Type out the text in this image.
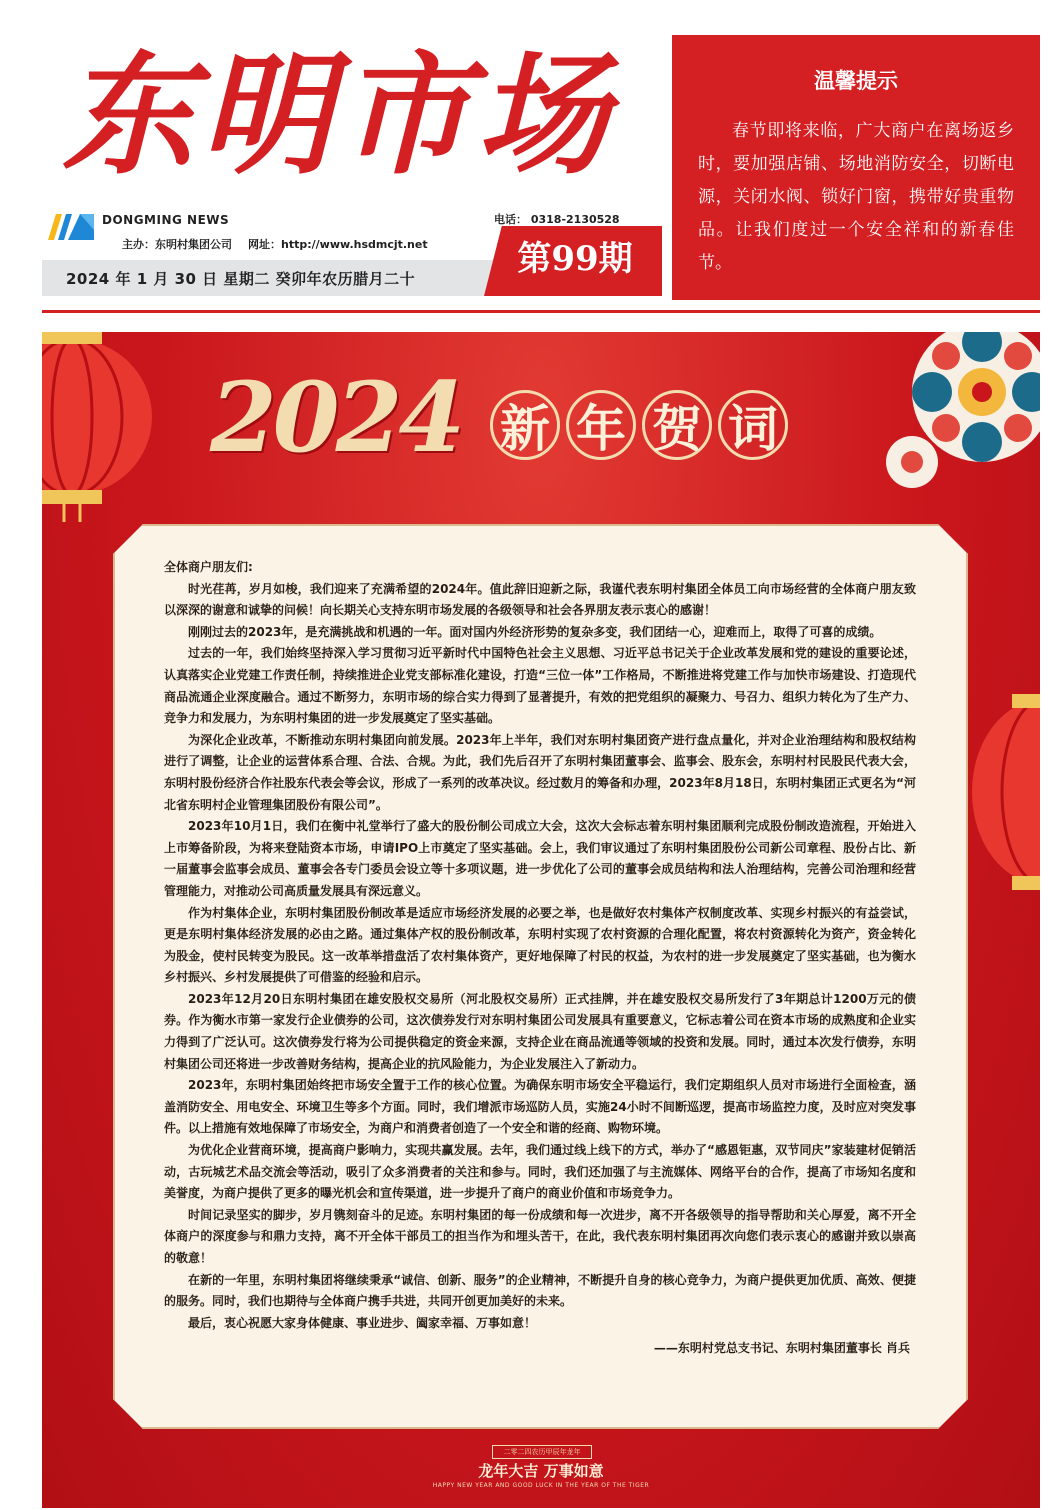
东明市场
DONGMING NEWS	电话： 0318-2130528
主办：东明村集团公司 网址：http://www.hsdmcjt.net
2024 年 1 月 30 日 星期二 癸卯年农历腊月二十	第99期
温馨提示

春节即将来临，广大商户在离场返乡时，要加强店铺、场地消防安全，切断电源，关闭水阀、锁好门窗，携带好贵重物品。让我们度过一个安全祥和的新春佳节。

2024 新 年 贺 词

全体商户朋友们:

时光荏苒，岁月如梭，我们迎来了充满希望的2024年。值此辞旧迎新之际，我谨代表东明村集团全体员工向市场经营的全体商户朋友致以深深的谢意和诚挚的问候！向长期关心支持东明市场发展的各级领导和社会各界朋友表示衷心的感谢！

刚刚过去的2023年，是充满挑战和机遇的一年。面对国内外经济形势的复杂多变，我们团结一心，迎难而上，取得了可喜的成绩。

过去的一年，我们始终坚持深入学习贯彻习近平新时代中国特色社会主义思想、习近平总书记关于企业改革发展和党的建设的重要论述，认真落实企业党建工作责任制，持续推进企业党支部标准化建设，打造“三位一体”工作格局，不断推进将党建工作与加快市场建设、打造现代商品流通企业深度融合。通过不断努力，东明市场的综合实力得到了显著提升，有效的把党组织的凝聚力、号召力、组织力转化为了生产力、竞争力和发展力，为东明村集团的进一步发展奠定了坚实基础。

为深化企业改革，不断推动东明村集团向前发展。2023年上半年，我们对东明村集团资产进行盘点量化，并对企业治理结构和股权结构进行了调整，让企业的运营体系合理、合法、合规。为此，我们先后召开了东明村集团董事会、监事会、股东会，东明村村民股民代表大会，东明村股份经济合作社股东代表会等会议，形成了一系列的改革决议。经过数月的筹备和办理，2023年8月18日，东明村集团正式更名为“河北省东明村企业管理集团股份有限公司”。

2023年10月1日，我们在衡中礼堂举行了盛大的股份制公司成立大会，这次大会标志着东明村集团顺利完成股份制改造流程，开始进入上市筹备阶段，为将来登陆资本市场，申请IPO上市奠定了坚实基础。会上，我们审议通过了东明村集团股份公司新公司章程、股份占比、新一届董事会监事会成员、董事会各专门委员会设立等十多项议题，进一步优化了公司的董事会成员结构和法人治理结构，完善公司治理和经营管理能力，对推动公司高质量发展具有深远意义。

作为村集体企业，东明村集团股份制改革是适应市场经济发展的必要之举，也是做好农村集体产权制度改革、实现乡村振兴的有益尝试，更是东明村集体经济发展的必由之路。通过集体产权的股份制改革，东明村实现了农村资源的合理化配置，将农村资源转化为资产，资金转化为股金，使村民转变为股民。这一改革举措盘活了农村集体资产，更好地保障了村民的权益，为农村的进一步发展奠定了坚实基础，也为衡水乡村振兴、乡村发展提供了可借鉴的经验和启示。

2023年12月20日东明村集团在雄安股权交易所（河北股权交易所）正式挂牌，并在雄安股权交易所发行了3年期总计1200万元的债券。作为衡水市第一家发行企业债券的公司，这次债券发行对东明村集团公司发展具有重要意义，它标志着公司在资本市场的成熟度和企业实力得到了广泛认可。这次债券发行将为公司提供稳定的资金来源，支持企业在商品流通等领域的投资和发展。同时，通过本次发行债券，东明村集团公司还将进一步改善财务结构，提高企业的抗风险能力，为企业发展注入了新动力。

2023年，东明村集团始终把市场安全置于工作的核心位置。为确保东明市场安全平稳运行，我们定期组织人员对市场进行全面检查，涵盖消防安全、用电安全、环境卫生等多个方面。同时，我们增派市场巡防人员，实施24小时不间断巡逻，提高市场监控力度，及时应对突发事件。以上措施有效地保障了市场安全，为商户和消费者创造了一个安全和谐的经商、购物环境。

为优化企业营商环境，提高商户影响力，实现共赢发展。去年，我们通过线上线下的方式，举办了“感恩钜惠，双节同庆”家装建材促销活动，古玩城艺术品交流会等活动，吸引了众多消费者的关注和参与。同时，我们还加强了与主流媒体、网络平台的合作，提高了市场知名度和美誉度，为商户提供了更多的曝光机会和宣传渠道，进一步提升了商户的商业价值和市场竞争力。

时间记录坚实的脚步，岁月镌刻奋斗的足迹。东明村集团的每一份成绩和每一次进步，离不开各级领导的指导帮助和关心厚爱，离不开全体商户的深度参与和鼎力支持，离不开全体干部员工的担当作为和埋头苦干，在此，我代表东明村集团再次向您们表示衷心的感谢并致以崇高的敬意！

在新的一年里，东明村集团将继续秉承“诚信、创新、服务”的企业精神，不断提升自身的核心竞争力，为商户提供更加优质、高效、便捷的服务。同时，我们也期待与全体商户携手共进，共同开创更加美好的未来。

最后，衷心祝愿大家身体健康、事业进步、阖家幸福、万事如意！

——东明村党总支书记、东明村集团董事长 肖兵

二零二四农历甲辰年龙年
龙年大吉 万事如意
HAPPY NEW YEAR AND GOOD LUCK IN THE YEAR OF THE TIGER
